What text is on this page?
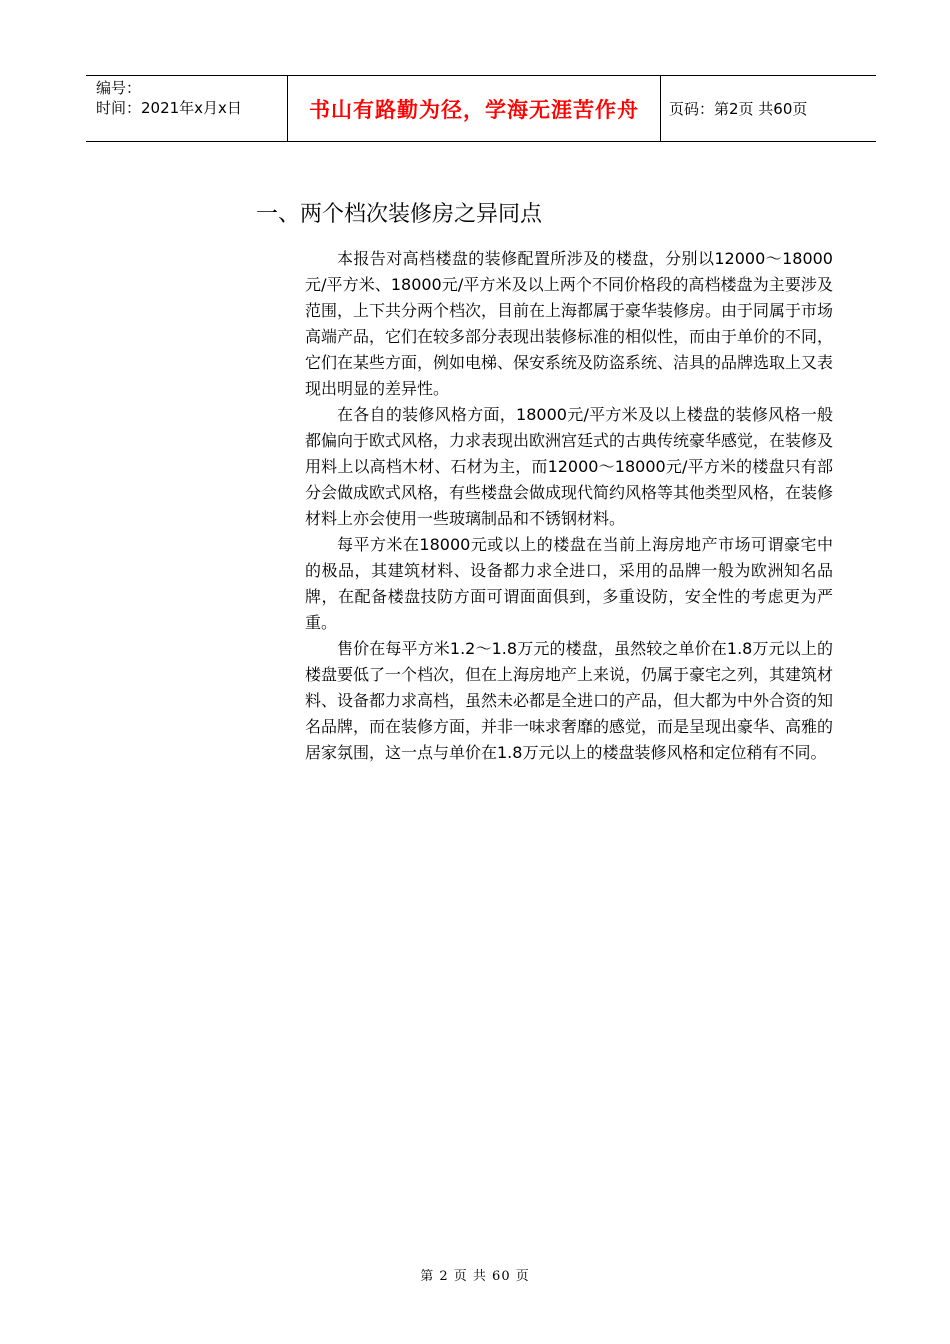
编号：
时间：2021年x月x日	书山有路勤为径，学海无涯苦作舟	页码：第2页 共60页
一、两个档次装修房之异同点

本报告对高档楼盘的装修配置所涉及的楼盘，分别以12000～18000元/平方米、18000元/平方米及以上两个不同价格段的高档楼盘为主要涉及范围，上下共分两个档次，目前在上海都属于豪华装修房。由于同属于市场高端产品，它们在较多部分表现出装修标准的相似性，而由于单价的不同，它们在某些方面，例如电梯、保安系统及防盗系统、洁具的品牌选取上又表现出明显的差异性。

在各自的装修风格方面，18000元/平方米及以上楼盘的装修风格一般都偏向于欧式风格，力求表现出欧洲宫廷式的古典传统豪华感觉，在装修及用料上以高档木材、石材为主，而12000～18000元/平方米的楼盘只有部分会做成欧式风格，有些楼盘会做成现代简约风格等其他类型风格，在装修材料上亦会使用一些玻璃制品和不锈钢材料。

每平方米在18000元或以上的楼盘在当前上海房地产市场可谓豪宅中的极品，其建筑材料、设备都力求全进口，采用的品牌一般为欧洲知名品牌，在配备楼盘技防方面可谓面面俱到，多重设防，安全性的考虑更为严重。

售价在每平方米1.2～1.8万元的楼盘，虽然较之单价在1.8万元以上的楼盘要低了一个档次，但在上海房地产上来说，仍属于豪宅之列，其建筑材料、设备都力求高档，虽然未必都是全进口的产品，但大都为中外合资的知名品牌，而在装修方面，并非一味求奢靡的感觉，而是呈现出豪华、高雅的居家氛围，这一点与单价在1.8万元以上的楼盘装修风格和定位稍有不同。

第 2 页 共 60 页
